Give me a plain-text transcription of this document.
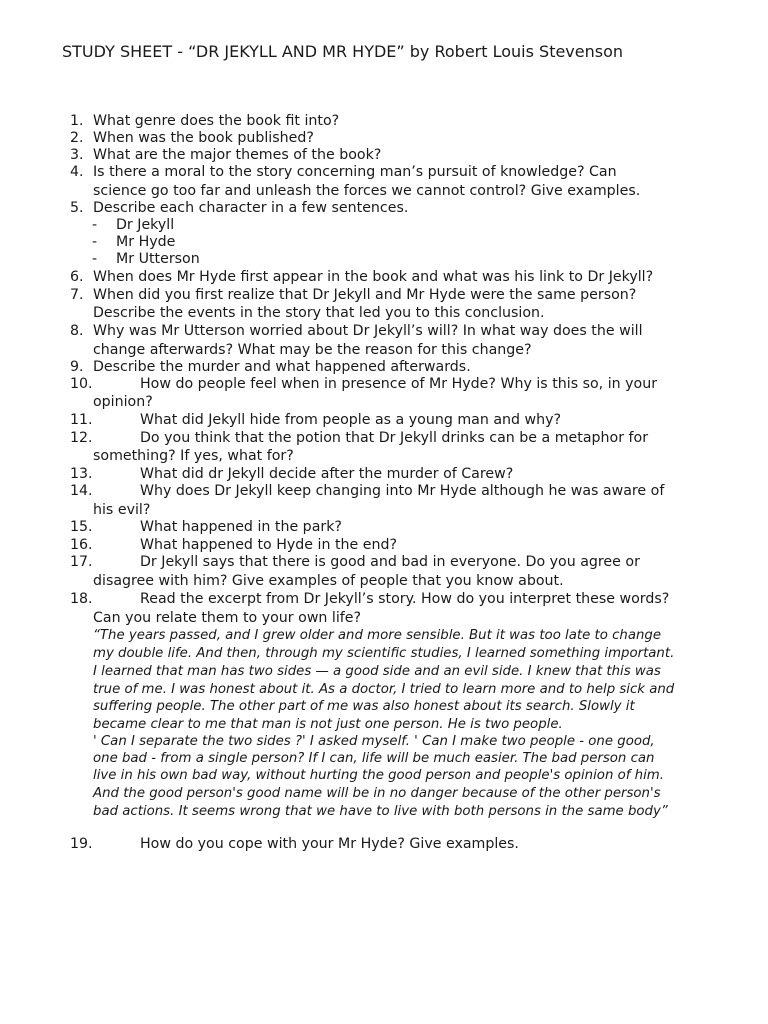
STUDY SHEET - “DR JEKYLL AND MR HYDE” by Robert Louis Stevenson
1. What genre does the book fit into?
2. When was the book published?
3. What are the major themes of the book?
4. Is there a moral to the story concerning man’s pursuit of knowledge? Can
science go too far and unleash the forces we cannot control? Give examples.
5. Describe each character in a few sentences.
- Dr Jekyll
- Mr Hyde
- Mr Utterson
6. When does Mr Hyde first appear in the book and what was his link to Dr Jekyll?
7. When did you first realize that Dr Jekyll and Mr Hyde were the same person?
Describe the events in the story that led you to this conclusion.
8. Why was Mr Utterson worried about Dr Jekyll’s will? In what way does the will
change afterwards? What may be the reason for this change?
9. Describe the murder and what happened afterwards.
10.	How do people feel when in presence of Mr Hyde? Why is this so, in your
opinion?
11.	What did Jekyll hide from people as a young man and why?
12.	Do you think that the potion that Dr Jekyll drinks can be a metaphor for
something? If yes, what for?
13.	What did dr Jekyll decide after the murder of Carew?
14.	Why does Dr Jekyll keep changing into Mr Hyde although he was aware of
his evil?
15.	What happened in the park?
16.	What happened to Hyde in the end?
17.	Dr Jekyll says that there is good and bad in everyone. Do you agree or
disagree with him? Give examples of people that you know about.
18.	Read the excerpt from Dr Jekyll’s story. How do you interpret these words?
Can you relate them to your own life?
“The years passed, and I grew older and more sensible. But it was too late to change
my double life. And then, through my scientific studies, I learned something important.
I learned that man has two sides — a good side and an evil side. I knew that this was
true of me. I was honest about it. As a doctor, I tried to learn more and to help sick and
suffering people. The other part of me was also honest about its search. Slowly it
became clear to me that man is not just one person. He is two people.
' Can I separate the two sides ?' I asked myself. ' Can I make two people - one good,
one bad - from a single person? If I can, life will be much easier. The bad person can
live in his own bad way, without hurting the good person and people's opinion of him.
And the good person's good name will be in no danger because of the other person's
bad actions. It seems wrong that we have to live with both persons in the same body”
19.	How do you cope with your Mr Hyde? Give examples.
